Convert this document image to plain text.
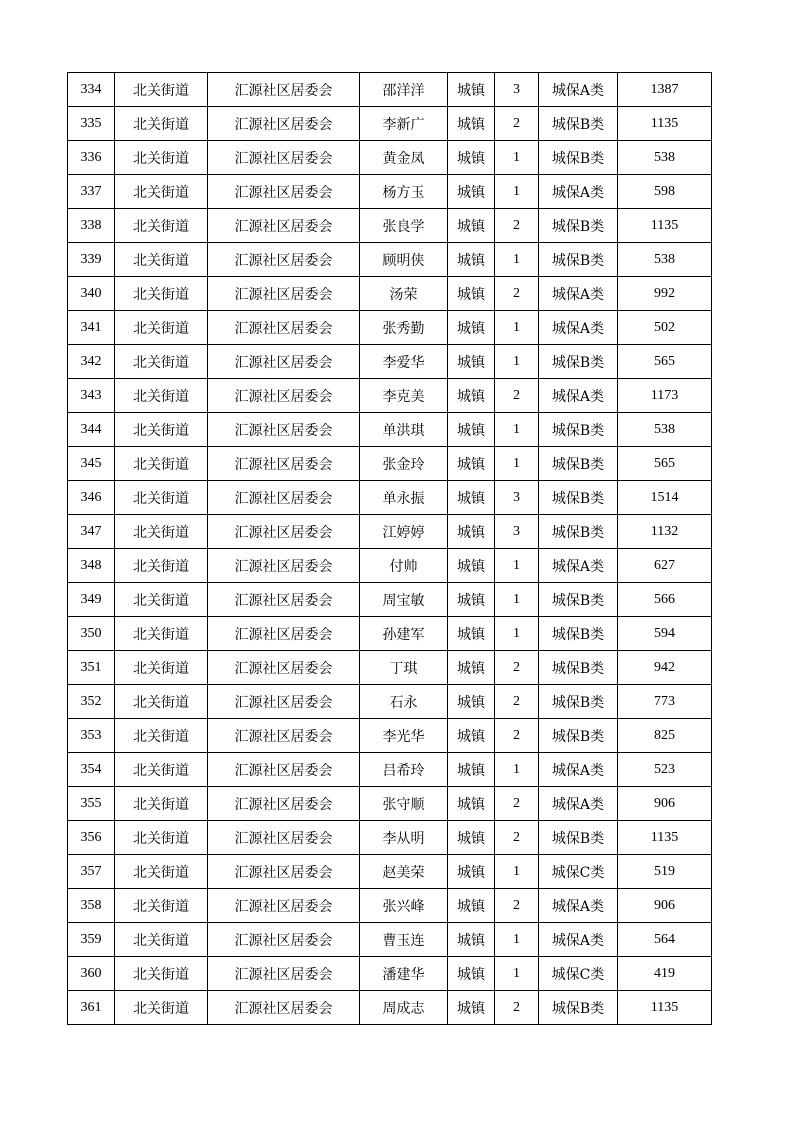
334	北关街道	汇源社区居委会	邵洋洋	城镇	3	城保A类	1387
335	北关街道	汇源社区居委会	李新广	城镇	2	城保B类	1135
336	北关街道	汇源社区居委会	黄金凤	城镇	1	城保B类	538
337	北关街道	汇源社区居委会	杨方玉	城镇	1	城保A类	598
338	北关街道	汇源社区居委会	张良学	城镇	2	城保B类	1135
339	北关街道	汇源社区居委会	顾明侠	城镇	1	城保B类	538
340	北关街道	汇源社区居委会	汤荣	城镇	2	城保A类	992
341	北关街道	汇源社区居委会	张秀勤	城镇	1	城保A类	502
342	北关街道	汇源社区居委会	李爱华	城镇	1	城保B类	565
343	北关街道	汇源社区居委会	李克美	城镇	2	城保A类	1173
344	北关街道	汇源社区居委会	单洪琪	城镇	1	城保B类	538
345	北关街道	汇源社区居委会	张金玲	城镇	1	城保B类	565
346	北关街道	汇源社区居委会	单永振	城镇	3	城保B类	1514
347	北关街道	汇源社区居委会	江婷婷	城镇	3	城保B类	1132
348	北关街道	汇源社区居委会	付帅	城镇	1	城保A类	627
349	北关街道	汇源社区居委会	周宝敏	城镇	1	城保B类	566
350	北关街道	汇源社区居委会	孙建军	城镇	1	城保B类	594
351	北关街道	汇源社区居委会	丁琪	城镇	2	城保B类	942
352	北关街道	汇源社区居委会	石永	城镇	2	城保B类	773
353	北关街道	汇源社区居委会	李光华	城镇	2	城保B类	825
354	北关街道	汇源社区居委会	吕希玲	城镇	1	城保A类	523
355	北关街道	汇源社区居委会	张守顺	城镇	2	城保A类	906
356	北关街道	汇源社区居委会	李从明	城镇	2	城保B类	1135
357	北关街道	汇源社区居委会	赵美荣	城镇	1	城保C类	519
358	北关街道	汇源社区居委会	张兴峰	城镇	2	城保A类	906
359	北关街道	汇源社区居委会	曹玉连	城镇	1	城保A类	564
360	北关街道	汇源社区居委会	潘建华	城镇	1	城保C类	419
361	北关街道	汇源社区居委会	周成志	城镇	2	城保B类	1135
